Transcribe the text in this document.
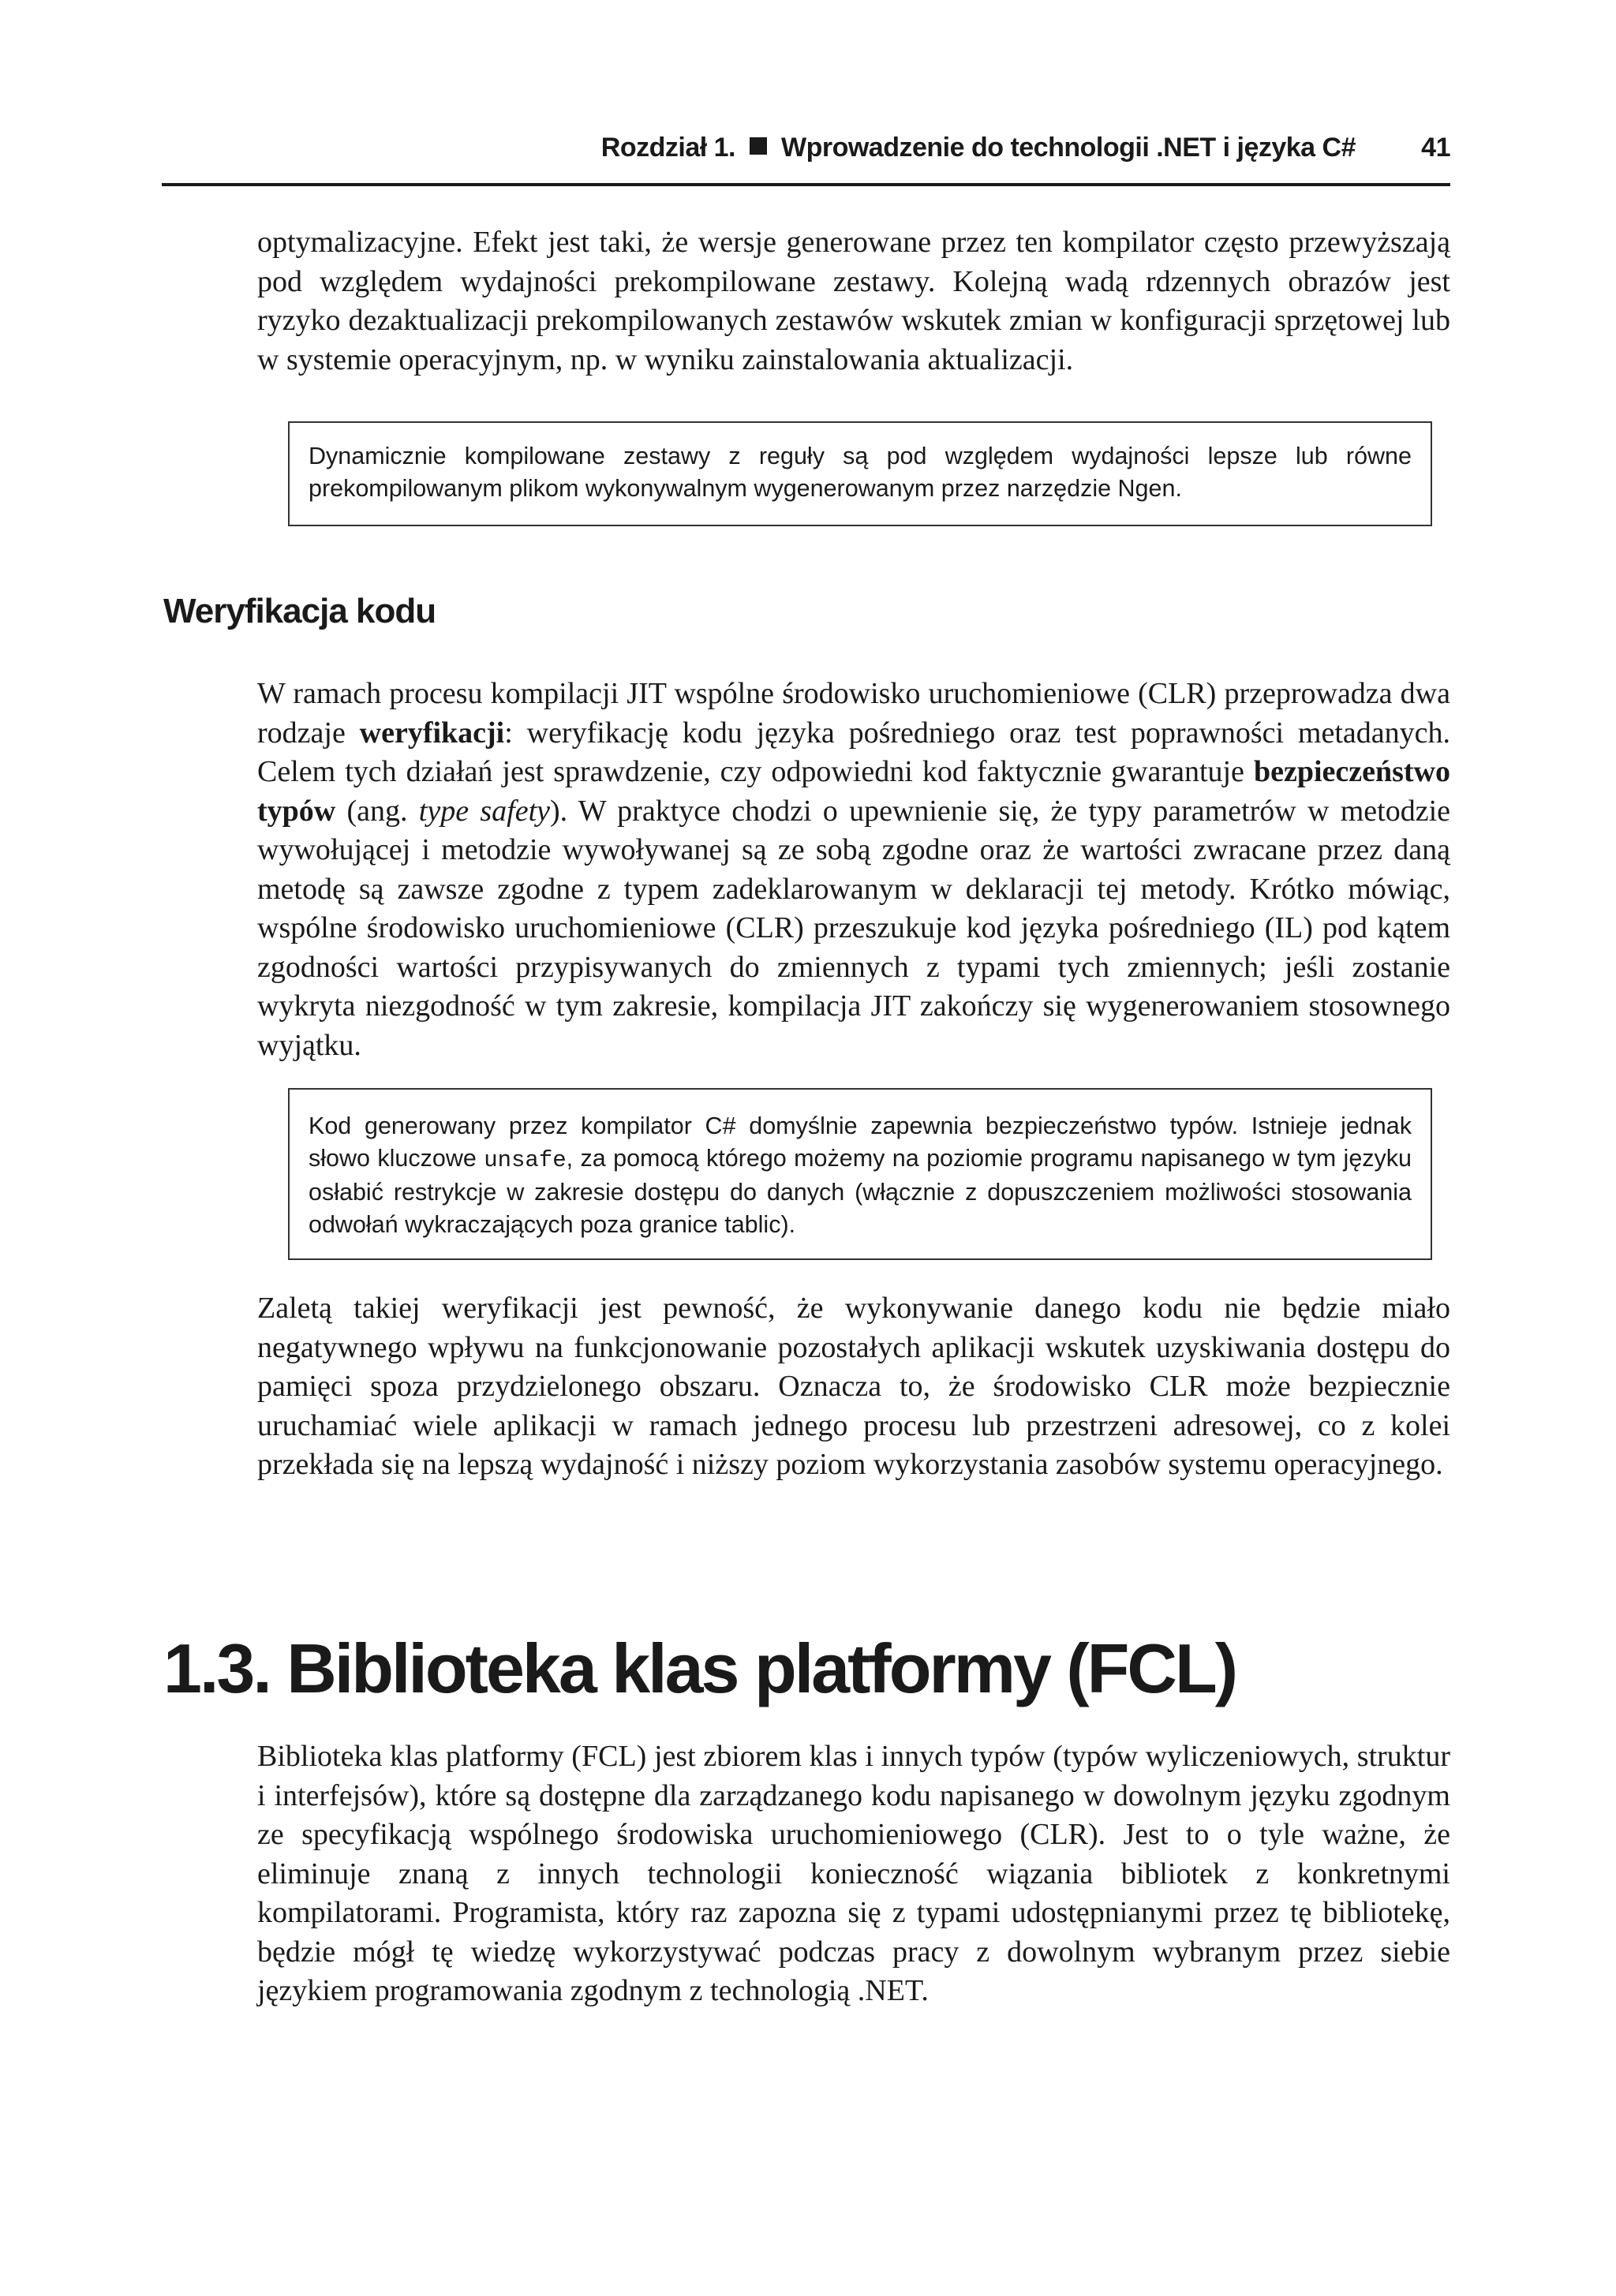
Rozdział 1. Wprowadzenie do technologii .NET i języka C# 41

optymalizacyjne. Efekt jest taki, że wersje generowane przez ten kompilator często przewyższają pod względem wydajności prekompilowane zestawy. Kolejną wadą rdzennych obrazów jest ryzyko dezaktualizacji prekompilowanych zestawów wskutek zmian w konfiguracji sprzętowej lub w systemie operacyjnym, np. w wyniku zainstalowania aktualizacji.

Dynamicznie kompilowane zestawy z reguły są pod względem wydajności lepsze lub równe prekompilowanym plikom wykonywalnym wygenerowanym przez narzędzie Ngen.
Weryfikacja kodu

W ramach procesu kompilacji JIT wspólne środowisko uruchomieniowe (CLR) przeprowadza dwa rodzaje weryfikacji: weryfikację kodu języka pośredniego oraz test poprawności metadanych. Celem tych działań jest sprawdzenie, czy odpowiedni kod faktycznie gwarantuje bezpieczeństwo typów (ang. type safety). W praktyce chodzi o upewnienie się, że typy parametrów w metodzie wywołującej i metodzie wywoływanej są ze sobą zgodne oraz że wartości zwracane przez daną metodę są zawsze zgodne z typem zadeklarowanym w deklaracji tej metody. Krótko mówiąc, wspólne środowisko uruchomieniowe (CLR) przeszukuje kod języka pośredniego (IL) pod kątem zgodności wartości przypisywanych do zmiennych z typami tych zmiennych; jeśli zostanie wykryta niezgodność w tym zakresie, kompilacja JIT zakończy się wygenerowaniem stosownego wyjątku.

Kod generowany przez kompilator C# domyślnie zapewnia bezpieczeństwo typów. Istnieje jednak słowo kluczowe unsafe, za pomocą którego możemy na poziomie programu napisanego w tym języku osłabić restrykcje w zakresie dostępu do danych (włącznie z dopuszczeniem możliwości stosowania odwołań wykraczających poza granice tablic).

Zaletą takiej weryfikacji jest pewność, że wykonywanie danego kodu nie będzie miało negatywnego wpływu na funkcjonowanie pozostałych aplikacji wskutek uzyskiwania dostępu do pamięci spoza przydzielonego obszaru. Oznacza to, że środowisko CLR może bezpiecznie uruchamiać wiele aplikacji w ramach jednego procesu lub przestrzeni adresowej, co z kolei przekłada się na lepszą wydajność i niższy poziom wykorzystania zasobów systemu operacyjnego.

1.3. Biblioteka klas platformy (FCL)

Biblioteka klas platformy (FCL) jest zbiorem klas i innych typów (typów wyliczeniowych, struktur i interfejsów), które są dostępne dla zarządzanego kodu napisanego w dowolnym języku zgodnym ze specyfikacją wspólnego środowiska uruchomieniowego (CLR). Jest to o tyle ważne, że eliminuje znaną z innych technologii konieczność wiązania bibliotek z konkretnymi kompilatorami. Programista, który raz zapozna się z typami udostępnianymi przez tę bibliotekę, będzie mógł tę wiedzę wykorzystywać podczas pracy z dowolnym wybranym przez siebie językiem programowania zgodnym z technologią .NET.
